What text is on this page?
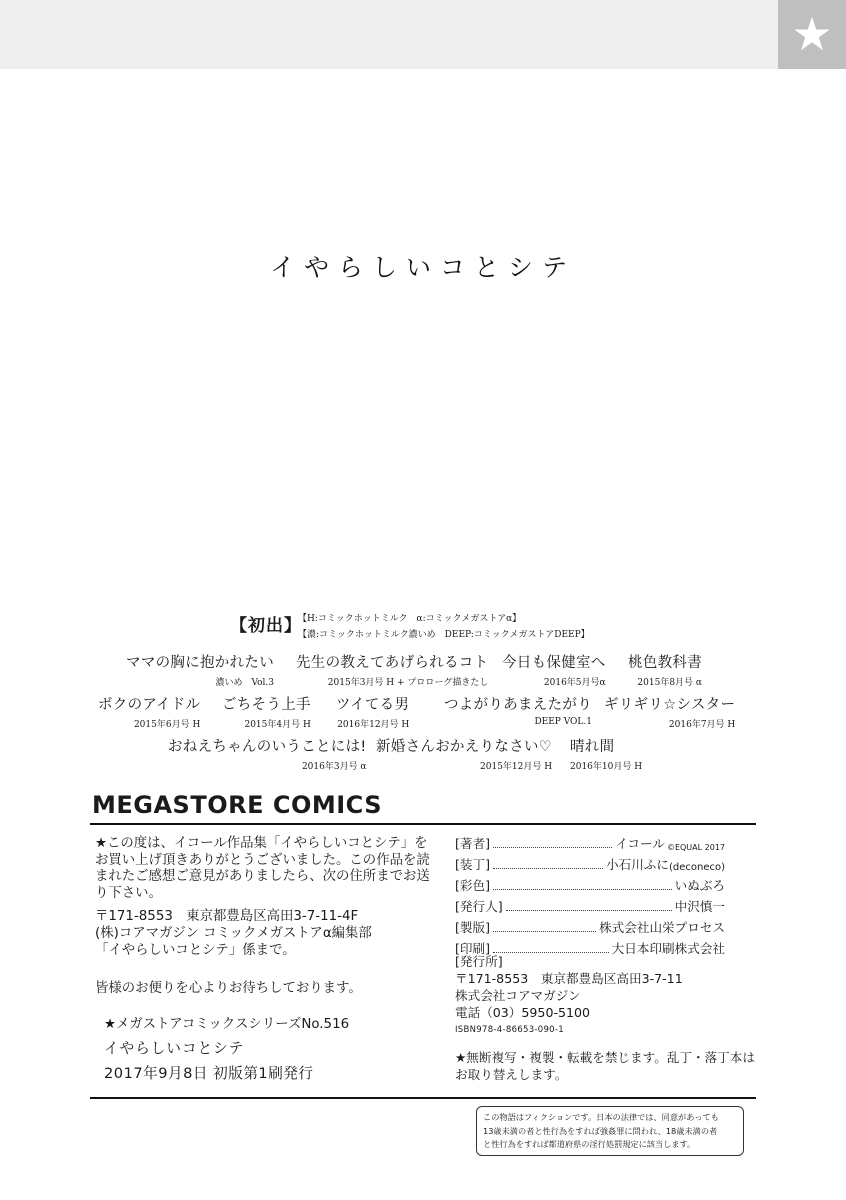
★
イやらしいコとシテ
【初出】
【H:コミックホットミルク　α:コミックメガストアα】
【濃:コミックホットミルク濃いめ　DEEP:コミックメガストアDEEP】
ママの胸に抱かれたい
濃いめ　Vol.3
先生の教えてあげられるコト
2015年3月号 H + プロローグ描きたし
今日も保健室へ
2016年5月号α
桃色教科書
2015年8月号 α
ボクのアイドル
2015年6月号 H
ごちそう上手
2015年4月号 H
ツイてる男
2016年12月号 H
つよがりあまえたがり
DEEP VOL.1
ギリギリ☆シスター
2016年7月号 H
おねえちゃんのいうことには!
2016年3月号 α
新婚さんおかえりなさい♡
2015年12月号 H
晴れ間
2016年10月号 H
MEGASTORE COMICS
★この度は、イコール作品集「イやらしいコとシテ」をお買い上げ頂きありがとうございました。この作品を読まれたご感想ご意見がありましたら、次の住所までお送り下さい。
〒171-8553　東京都豊島区高田3-7-11-4F
(株)コアマガジン コミックメガストアα編集部
「イやらしいコとシテ」係まで。
皆様のお便りを心よりお待ちしております。
★メガストアコミックスシリーズNo.516
イやらしいコとシテ
2017年9月8日 初版第1刷発行
[著者]	イコール ©EQUAL 2017
[装丁]	小石川ふに (deconeco)
[彩色]	いぬぶろ
[発行人]	中沢慎一
[製版]	株式会社山栄プロセス
[印刷]	大日本印刷株式会社
[発行所]
〒171-8553　東京都豊島区高田3-7-11
株式会社コアマガジン
電話（03）5950-5100
ISBN978-4-86653-090-1
★無断複写・複製・転載を禁じます。乱丁・落丁本はお取り替えします。
この物語はフィクションです。日本の法律では、同意があっても
13歳未満の者と性行為をすれば強姦罪に問われ、18歳未満の者
と性行為をすれば都道府県の淫行処罰規定に該当します。
